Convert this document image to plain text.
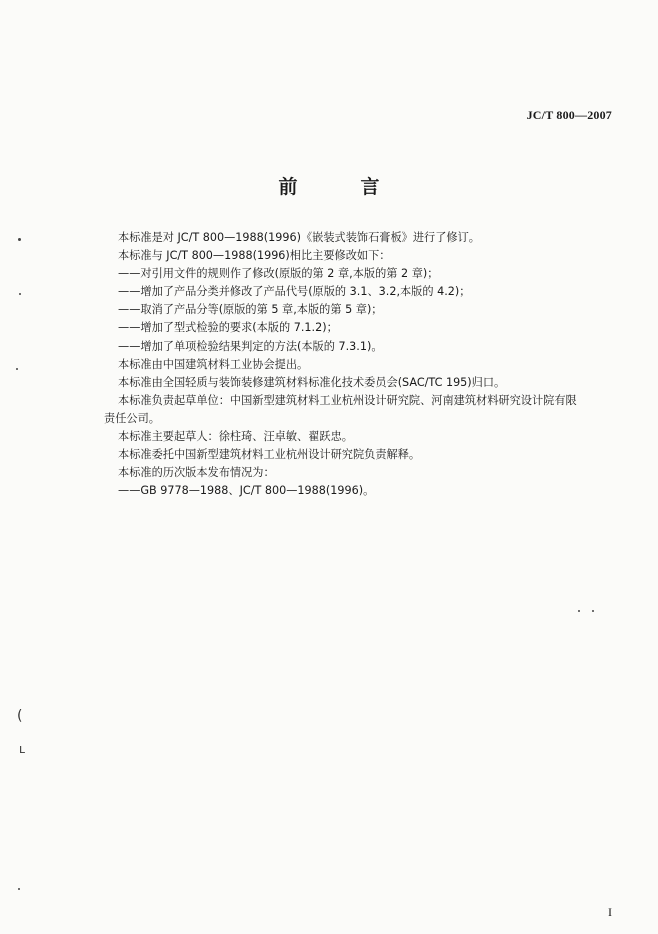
JC/T 800—2007
前　言

本标准是对 JC/T 800—1988(1996)《嵌装式装饰石膏板》进行了修订。

本标准与 JC/T 800—1988(1996)相比主要修改如下：

——对引用文件的规则作了修改(原版的第 2 章,本版的第 2 章)；

——增加了产品分类并修改了产品代号(原版的 3.1、3.2,本版的 4.2)；

——取消了产品分等(原版的第 5 章,本版的第 5 章)；

——增加了型式检验的要求(本版的 7.1.2)；

——增加了单项检验结果判定的方法(本版的 7.3.1)。

本标准由中国建筑材料工业协会提出。

本标准由全国轻质与装饰装修建筑材料标准化技术委员会(SAC/TC 195)归口。

本标准负责起草单位：中国新型建筑材料工业杭州设计研究院、河南建筑材料研究设计院有限

责任公司。

本标准主要起草人：徐柱琦、汪卓敏、翟跃忠。

本标准委托中国新型建筑材料工业杭州设计研究院负责解释。

本标准的历次版本发布情况为：

——GB 9778—1988、JC/T 800—1988(1996)。

I
(
ʟ
